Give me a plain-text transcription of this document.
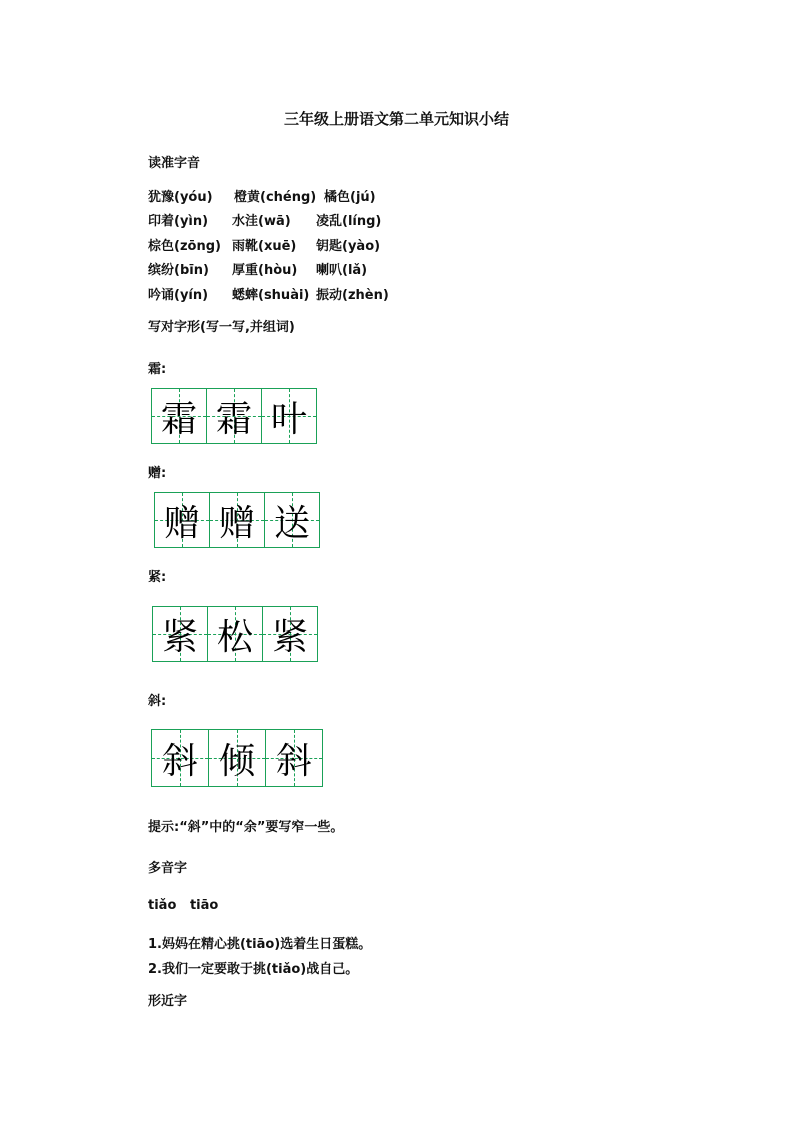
三年级上册语文第二单元知识小结
读准字音
犹豫(yóu) 橙黄(chéng) 橘色(jú)
印着(yìn) 水洼(wā) 凌乱(líng)
棕色(zōng) 雨靴(xuē) 钥匙(yào)
缤纷(bīn) 厚重(hòu) 喇叭(lǎ)
吟诵(yín) 蟋蟀(shuài) 振动(zhèn)
写对字形(写一写,并组词)
霜:
霜 霜 叶
赠:
赠 赠 送
紧:
紧 松 紧
斜:
斜 倾 斜
提示:“斜”中的“余”要写窄一些。
多音字
tiǎo   tiāo
1.妈妈在精心挑(tiāo)选着生日蛋糕。
2.我们一定要敢于挑(tiǎo)战自己。
形近字
